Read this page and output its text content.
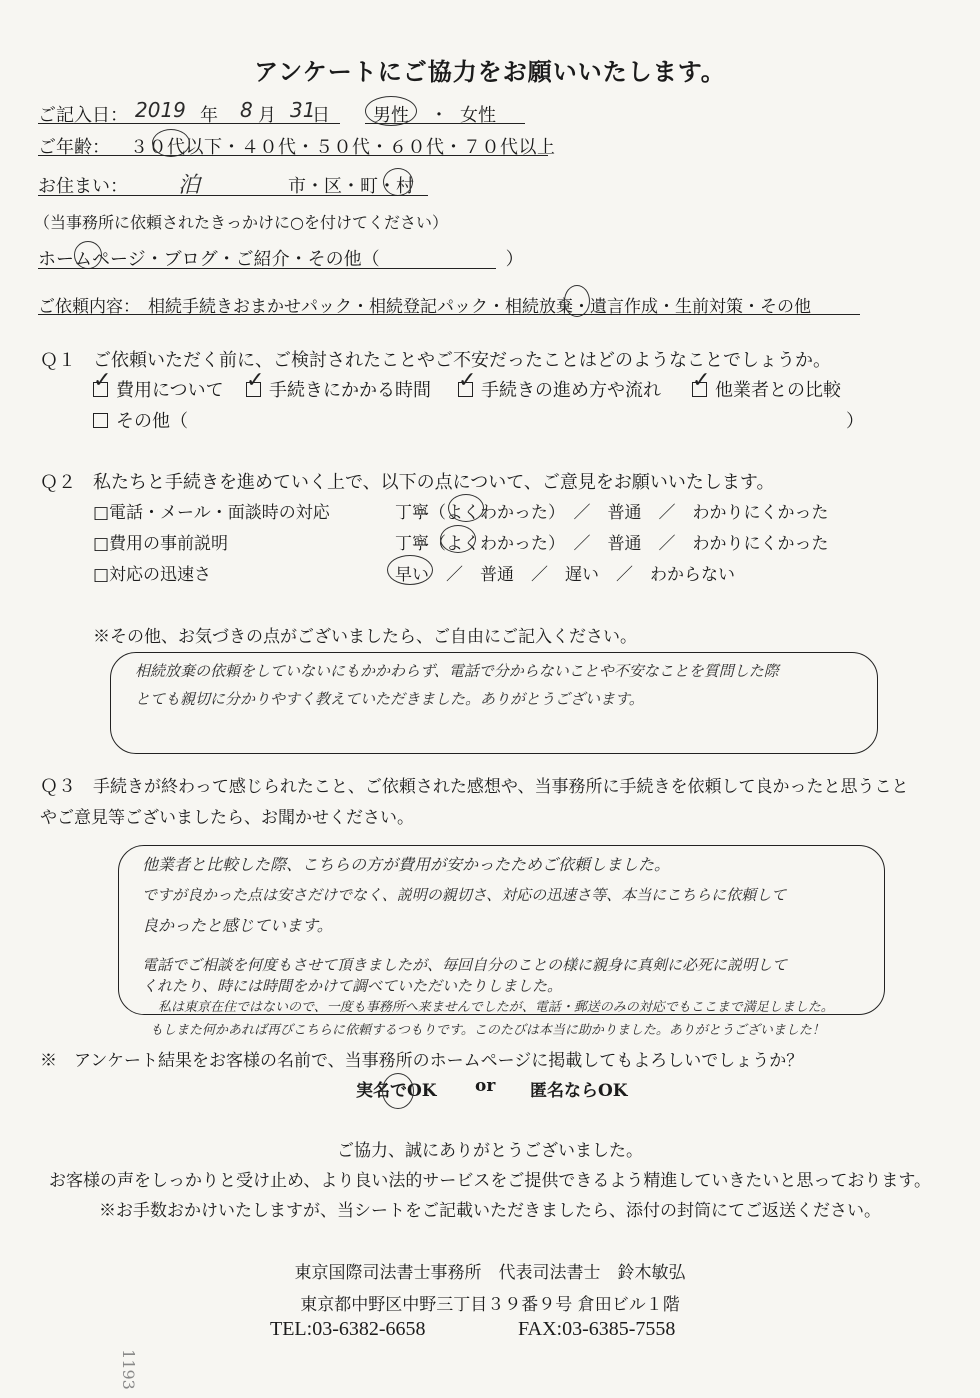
アンケートにご協力をお願いいたします。
ご記入日： 2019 年 8 月 31
日 男性 ・ 女性
ご年齢： ３０代以下・４０代・５０代・６０代・７０代以上
お住まい： 泊	市・区・町・村
（当事務所に依頼されたきっかけに○を付けてください）
ホームページ・ブログ・ご紹介・その他（　　　　　　　）
ご依頼内容： 相続手続きおまかせパック・相続登記パック・相続放棄・遺言作成・生前対策・その他
Ｑ１ ご依頼いただく前に、ご検討されたことやご不安だったことはどのようなことでしょうか。
費用について
✓	手続きにかかる時間
✓	手続きの進め方や流れ
✓	他業者との比較
✓
その他（	）
Ｑ２ 私たちと手続きを進めていく上で、以下の点について、ご意見をお願いいたします。
□電話・メール・面談時の対応	丁寧（よくわかった）　／　普通　／　わかりにくかった
□費用の事前説明	丁寧（よくわかった）　／　普通　／　わかりにくかった
□対応の迅速さ	早い　／　普通　／　遅い　／　わからない
※その他、お気づきの点がございましたら、ご自由にご記入ください。
相続放棄の依頼をしていないにもかかわらず、電話で分からないことや不安なことを質問した際
とても親切に分かりやすく教えていただきました。ありがとうございます。
Ｑ３ 手続きが終わって感じられたこと、ご依頼された感想や、当事務所に手続きを依頼して良かったと思うこと
やご意見等ございましたら、お聞かせください。
他業者と比較した際、こちらの方が費用が安かったためご依頼しました。
ですが良かった点は安さだけでなく、説明の親切さ、対応の迅速さ等、本当にこちらに依頼して
良かったと感じています。
電話でご相談を何度もさせて頂きましたが、毎回自分のことの様に親身に真剣に必死に説明して
くれたり、時には時間をかけて調べていただいたりしました。
私は東京在住ではないので、一度も事務所へ来ませんでしたが、電話・郵送のみの対応でもここまで満足しました。
もしまた何かあれば再びこちらに依頼するつもりです。このたびは本当に助かりました。ありがとうございました！
※　アンケート結果をお客様の名前で、当事務所のホームページに掲載してもよろしいでしょうか？
実名でOK or 匿名ならOK
ご協力、誠にありがとうございました。
お客様の声をしっかりと受け止め、より良い法的サービスをご提供できるよう精進していきたいと思っております。
※お手数おかけいたしますが、当シートをご記載いただきましたら、添付の封筒にてご返送ください。
東京国際司法書士事務所　代表司法書士　鈴木敏弘
東京都中野区中野三丁目３９番９号 倉田ビル１階
TEL:03-6382-6658	FAX:03-6385-7558
1193
